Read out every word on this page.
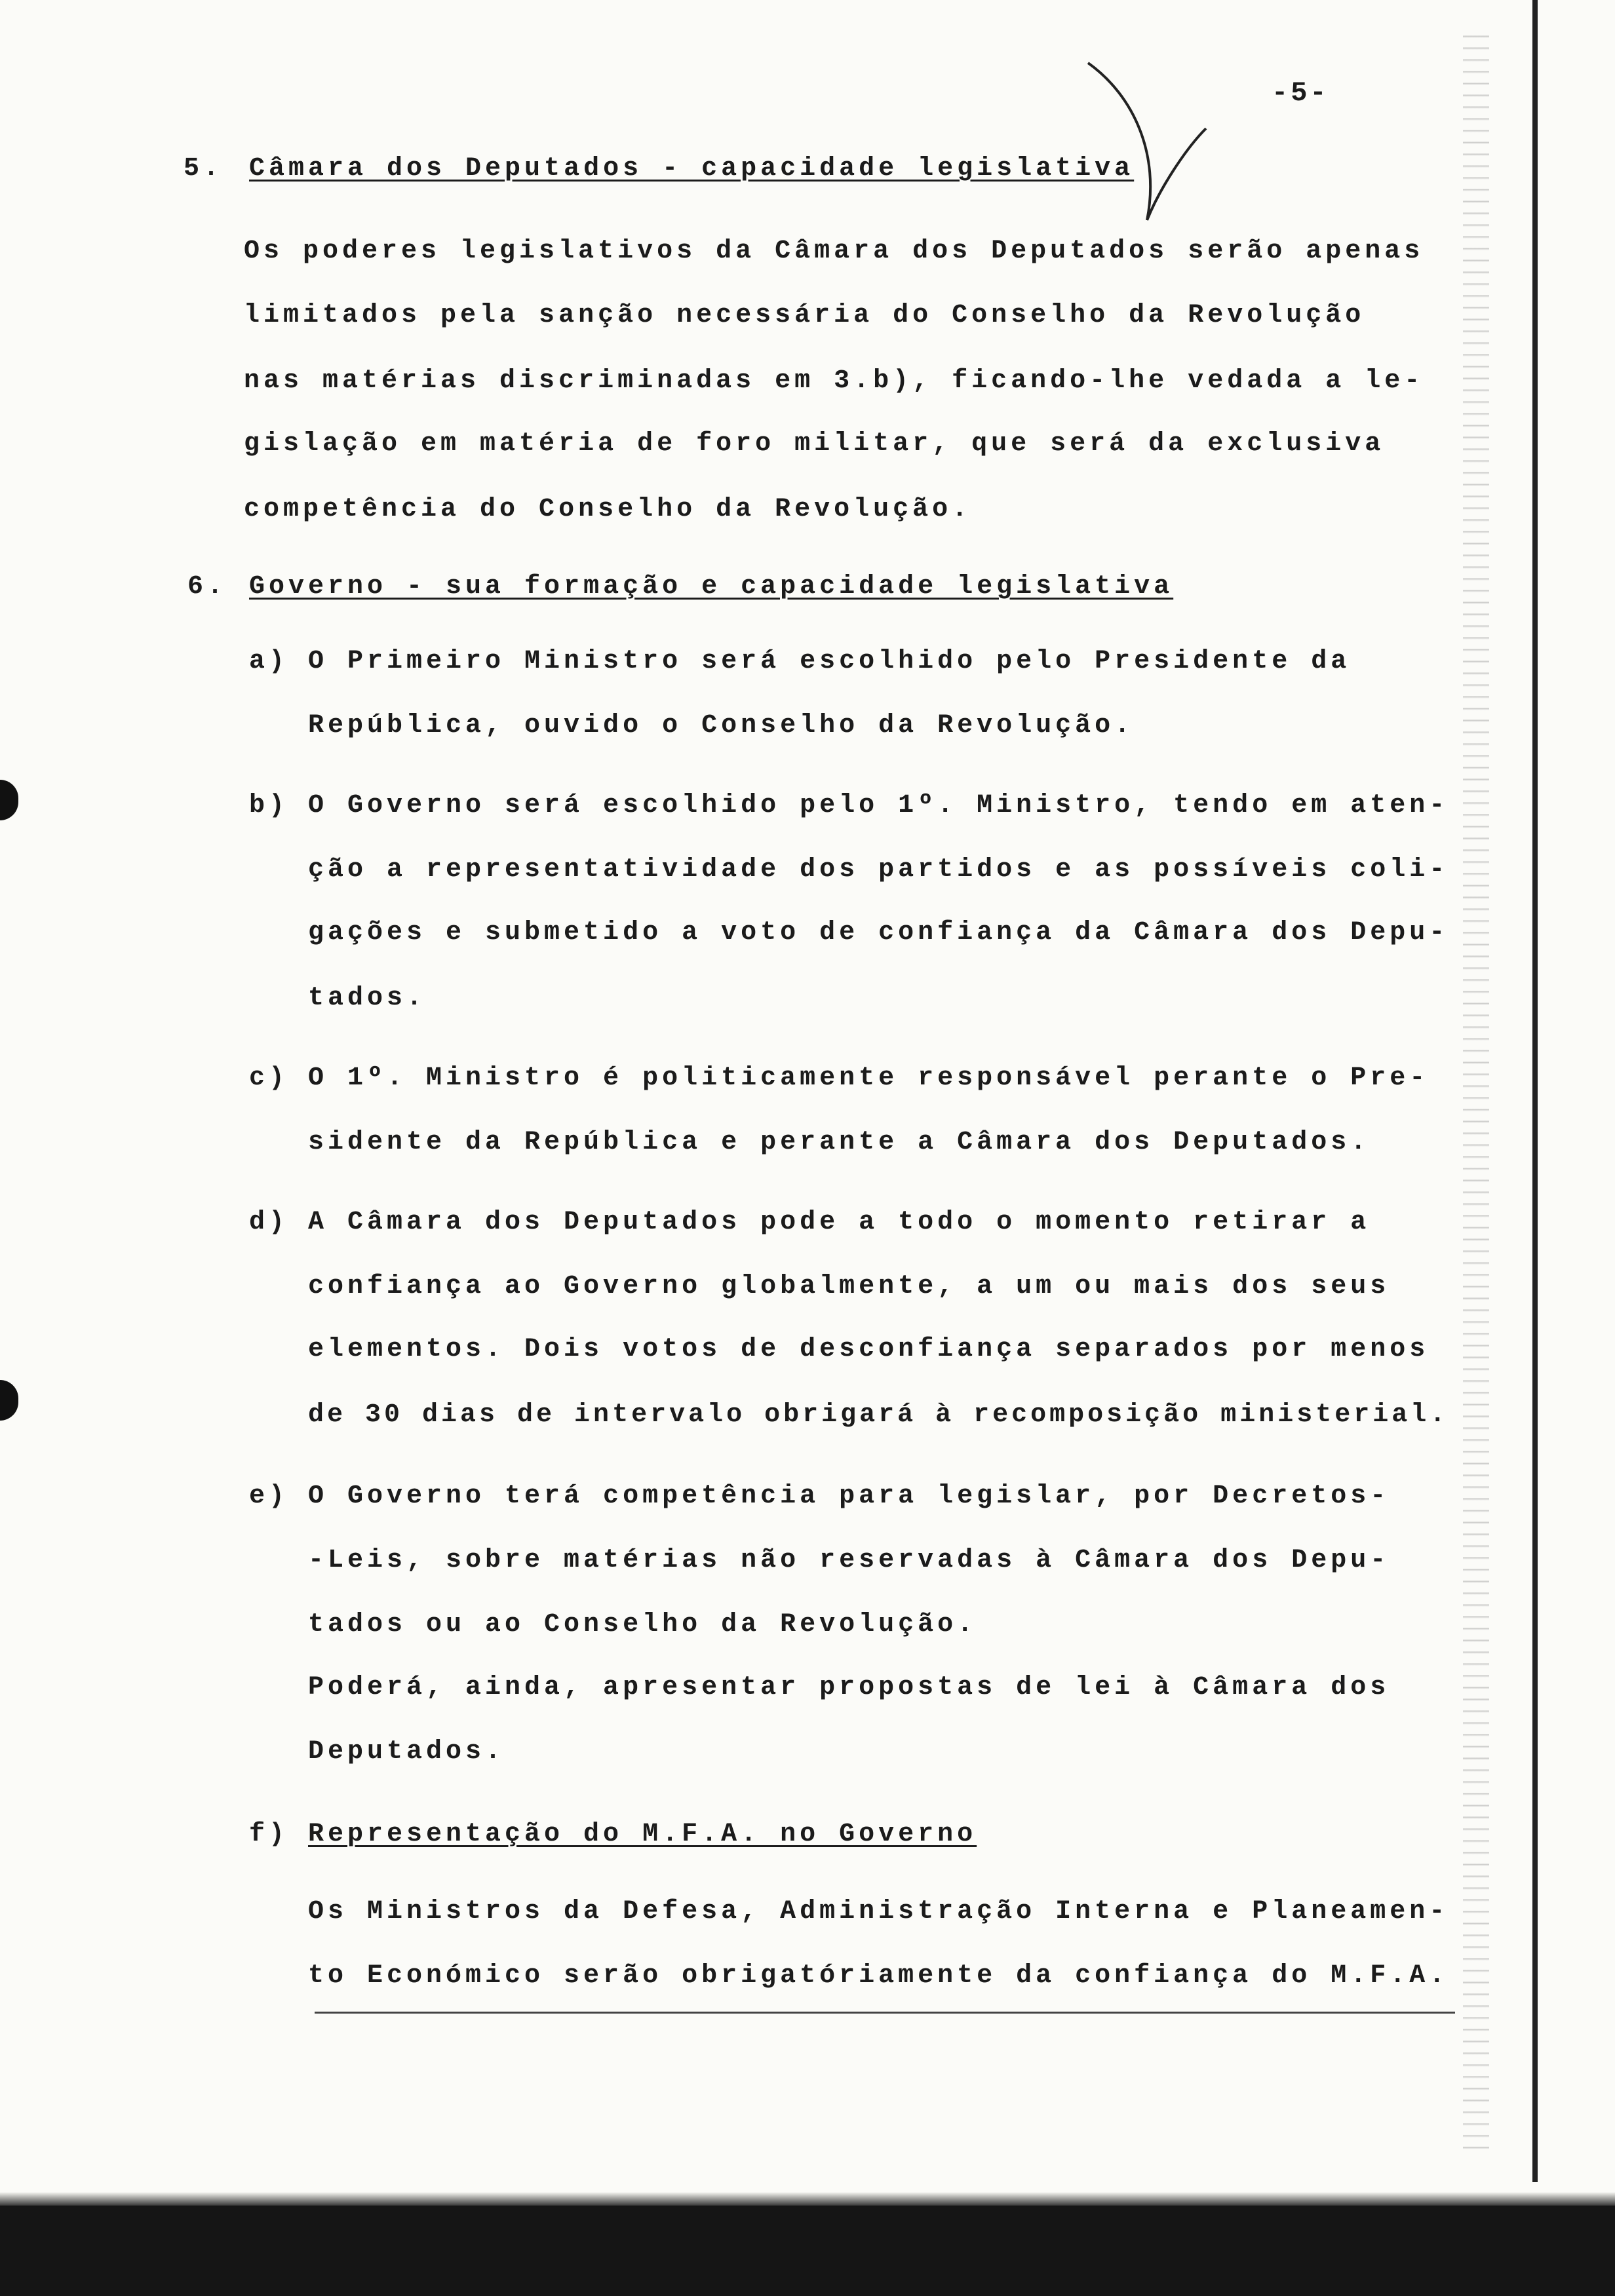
-5-
5. Câmara dos Deputados - capacidade legislativa
Os poderes legislativos da Câmara dos Deputados serão apenas
limitados pela sanção necessária do Conselho da Revolução
nas matérias discriminadas em 3.b), ficando-lhe vedada a le-
gislação em matéria de foro militar, que será da exclusiva
competência do Conselho da Revolução.
6. Governo - sua formação e capacidade legislativa
a) O Primeiro Ministro será escolhido pelo Presidente da
República, ouvido o Conselho da Revolução.
b) O Governo será escolhido pelo 1º. Ministro, tendo em aten-
ção a representatividade dos partidos e as possíveis coli-
gações e submetido a voto de confiança da Câmara dos Depu-
tados.
c) O 1º. Ministro é politicamente responsável perante o Pre-
sidente da República e perante a Câmara dos Deputados.
d) A Câmara dos Deputados pode a todo o momento retirar a
confiança ao Governo globalmente, a um ou mais dos seus
elementos. Dois votos de desconfiança separados por menos
de 30 dias de intervalo obrigará à recomposição ministerial.
e) O Governo terá competência para legislar, por Decretos-
-Leis, sobre matérias não reservadas à Câmara dos Depu-
tados ou ao Conselho da Revolução.
Poderá, ainda, apresentar propostas de lei à Câmara dos
Deputados.
f) Representação do M.F.A. no Governo
Os Ministros da Defesa, Administração Interna e Planeamen-
to Económico serão obrigatóriamente da confiança do M.F.A.
